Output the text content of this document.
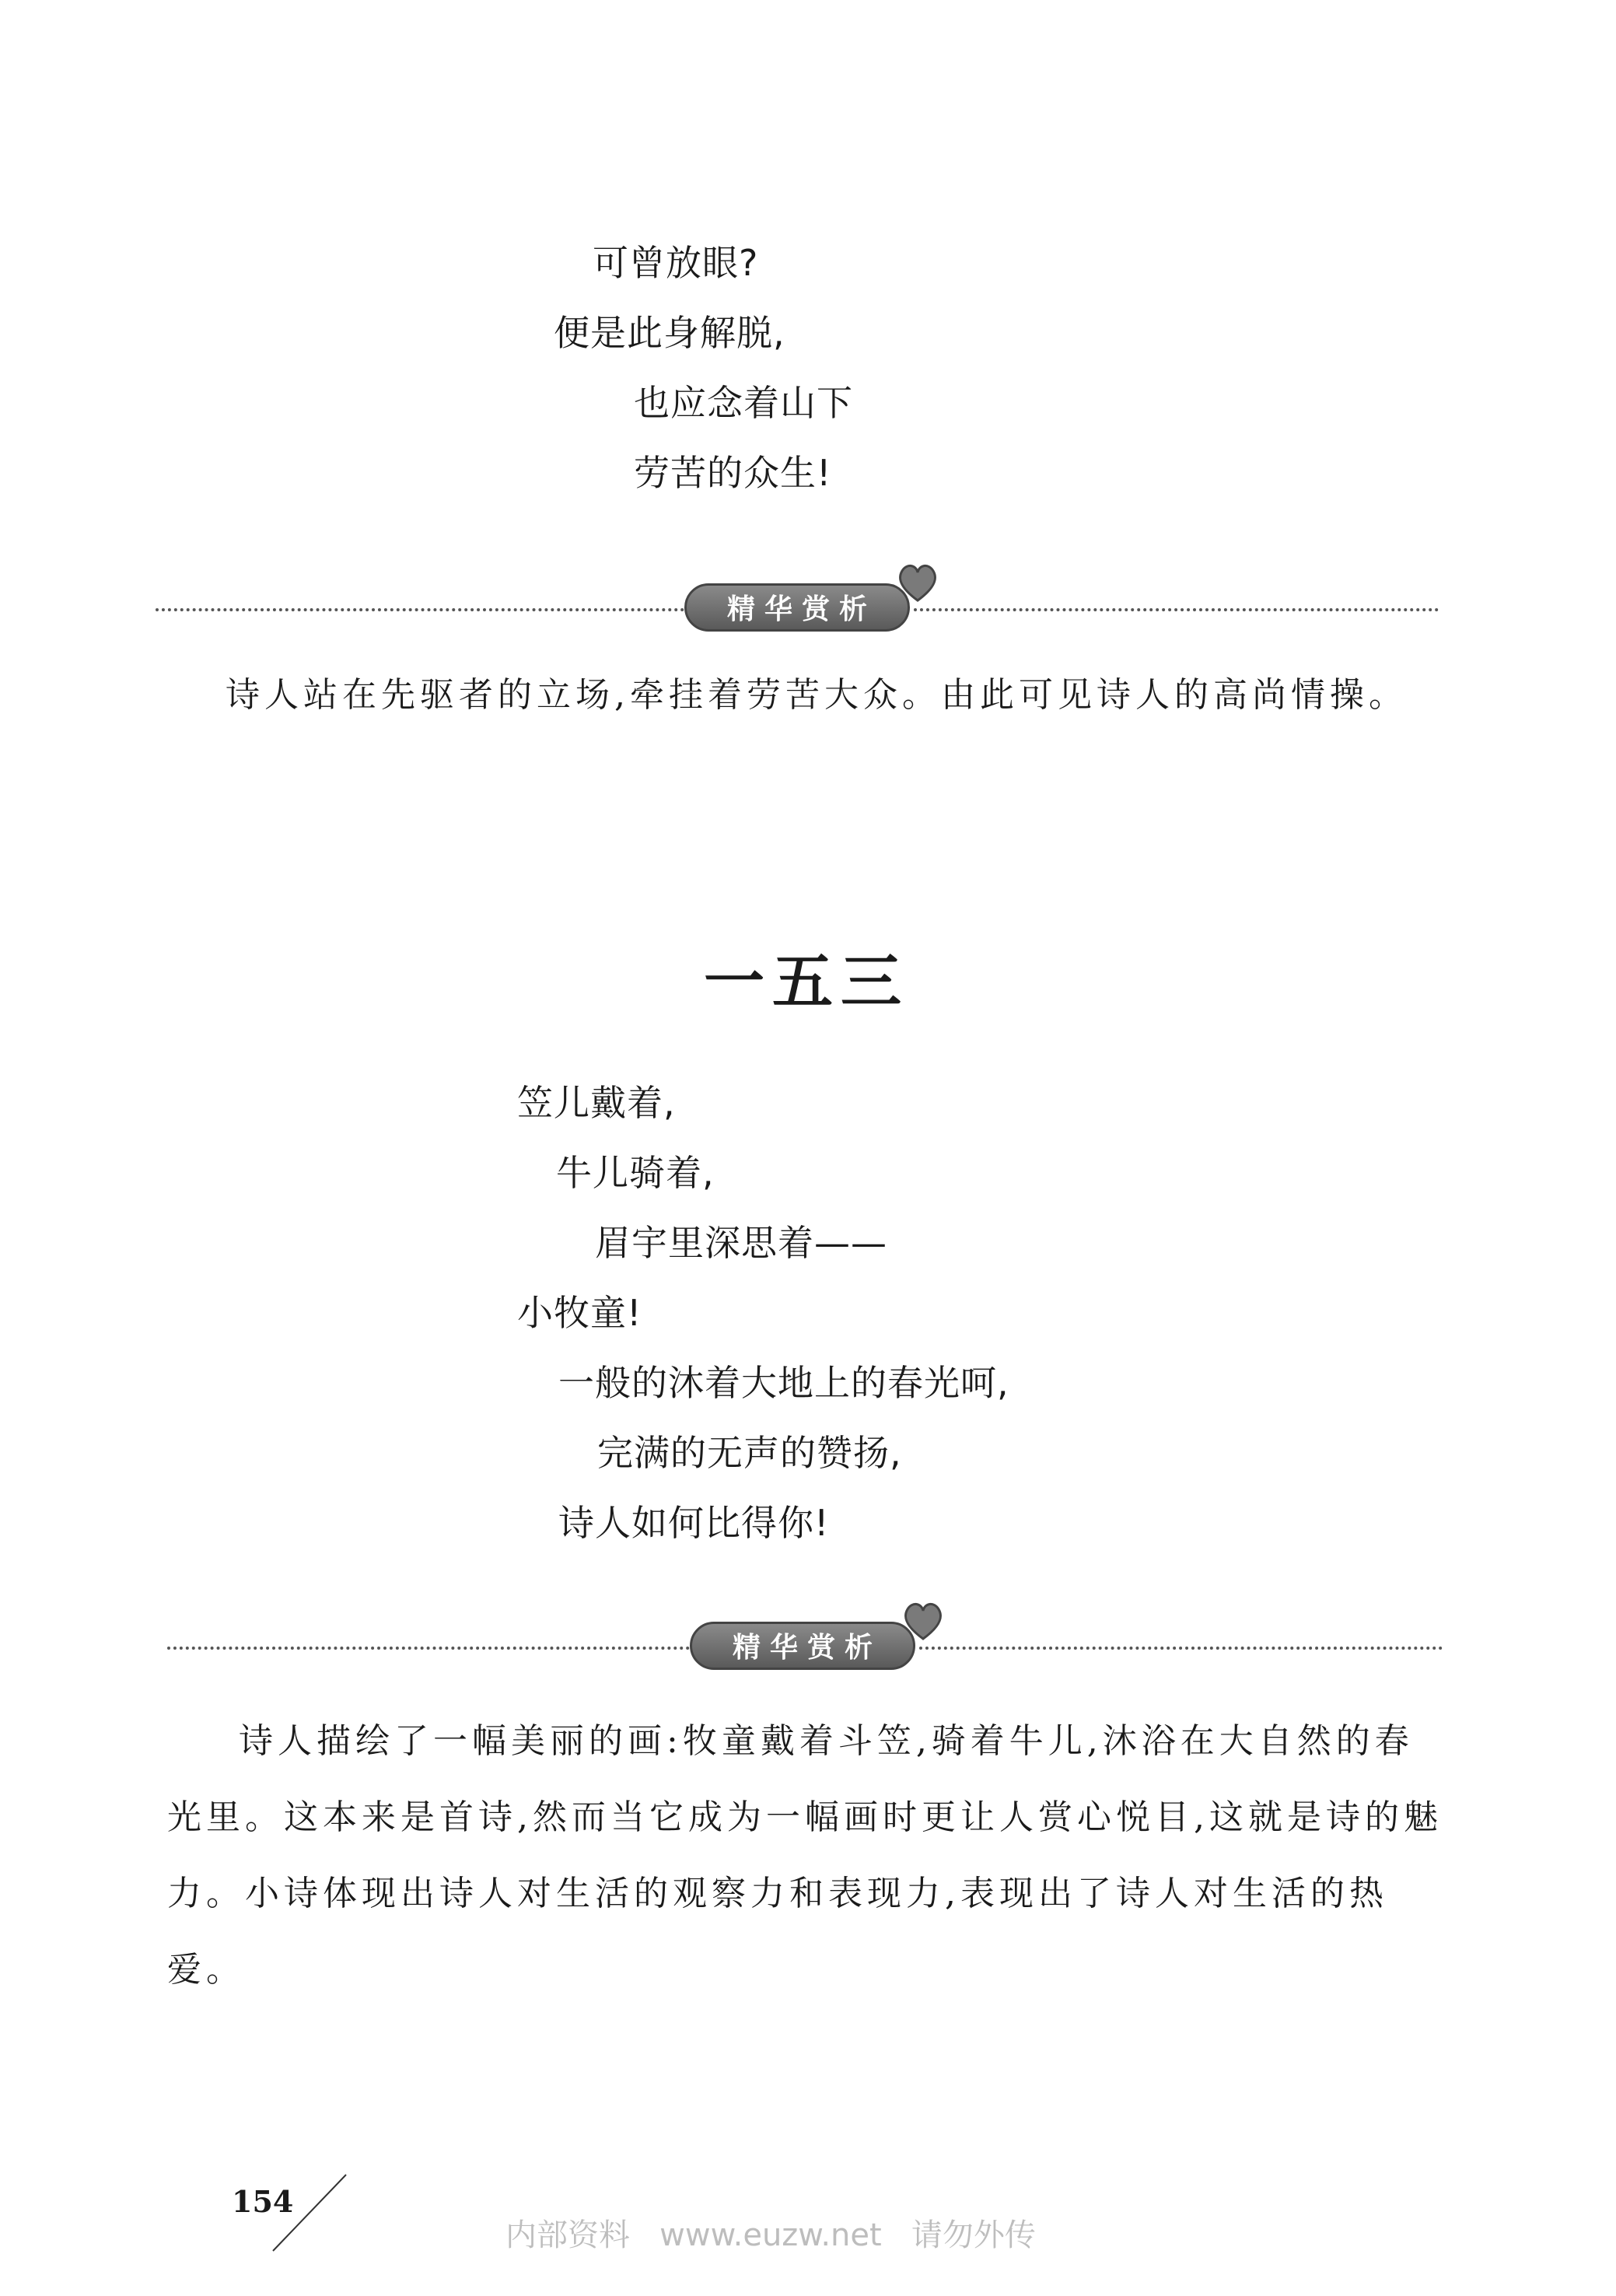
可曾放眼?
便是此身解脱,
也应念着山下
劳苦的众生!
精华赏析
诗人站在先驱者的立场,牵挂着劳苦大众。由此可见诗人的高尚情操。
一五三
笠儿戴着,
牛儿骑着,
眉宇里深思着——
小牧童!
一般的沐着大地上的春光呵,
完满的无声的赞扬,
诗人如何比得你!
精华赏析
诗人描绘了一幅美丽的画:牧童戴着斗笠,骑着牛儿,沐浴在大自然的春光里。这本来是首诗,然而当它成为一幅画时更让人赏心悦目,这就是诗的魅力。小诗体现出诗人对生活的观察力和表现力,表现出了诗人对生活的热爱。
154
内部资料   www.euzw.net   请勿外传
